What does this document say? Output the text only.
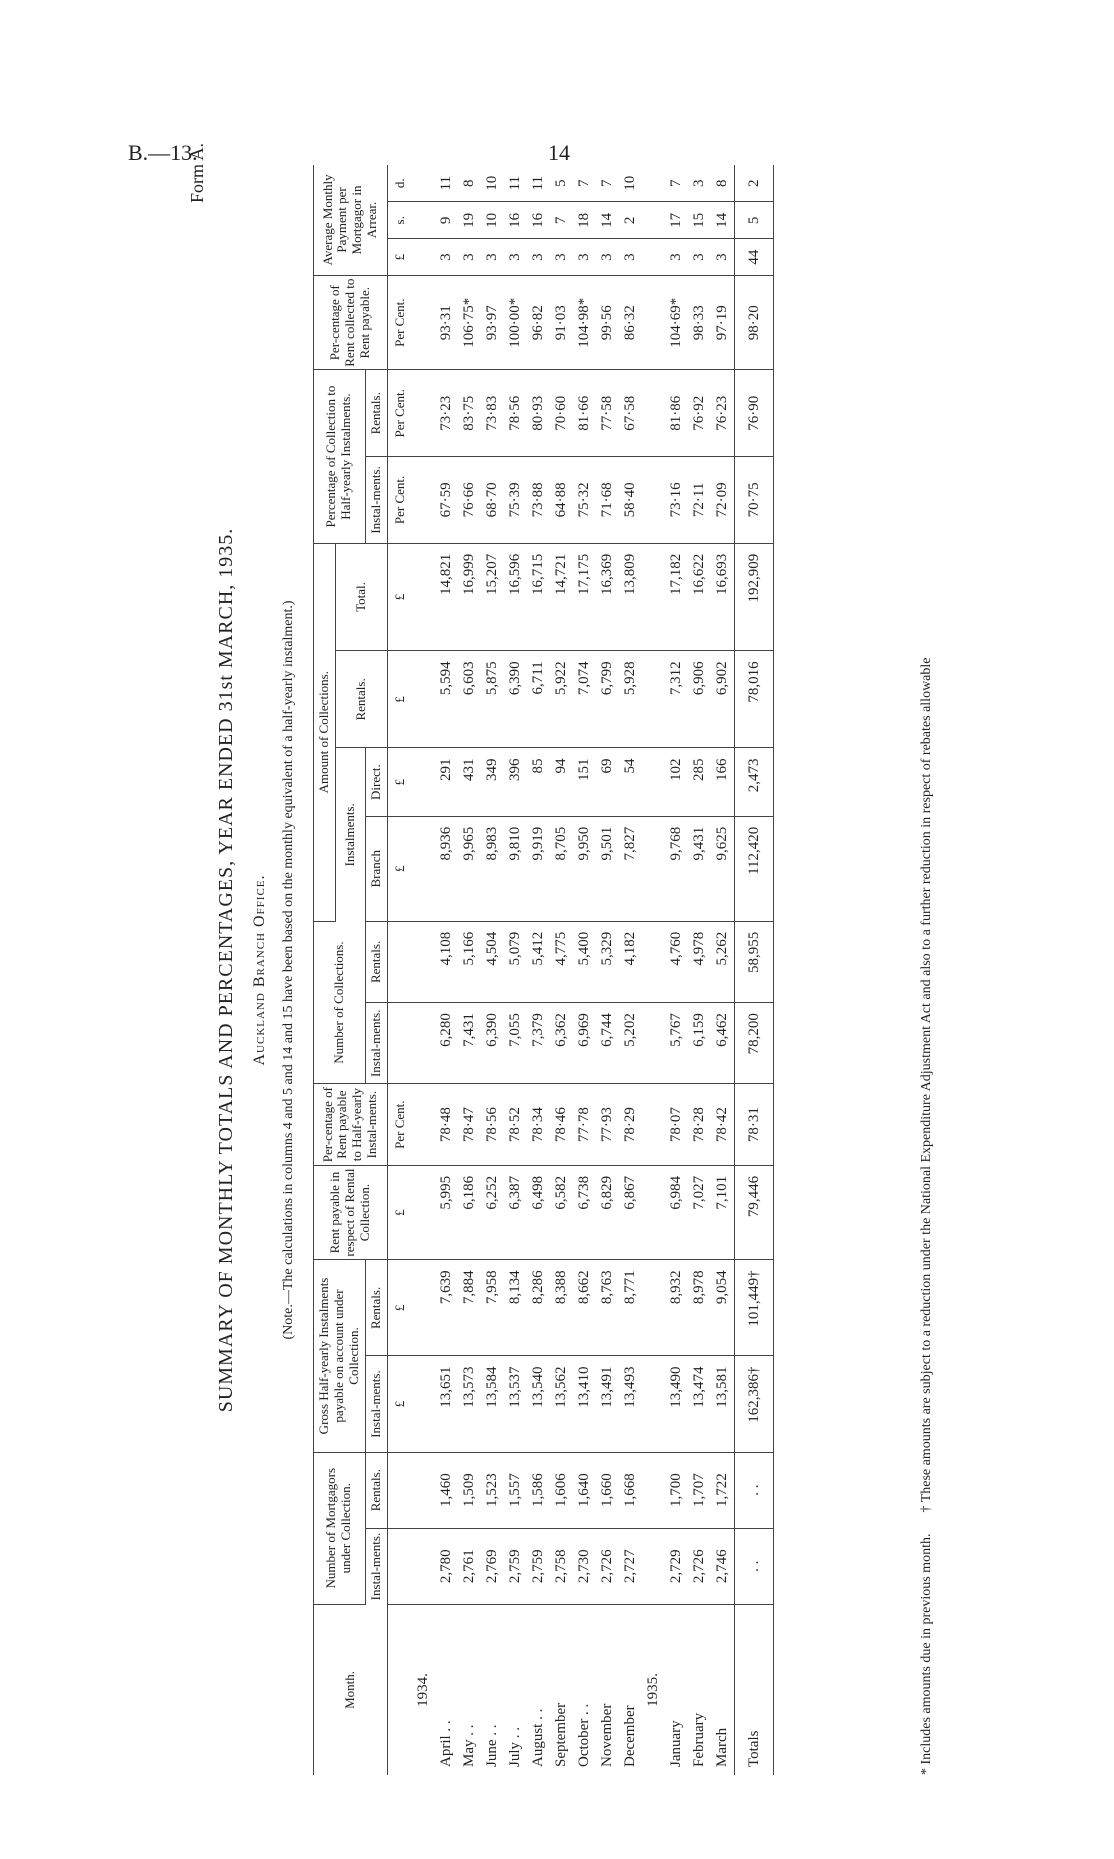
B.—13.	14
Form A.
SUMMARY OF MONTHLY TOTALS AND PERCENTAGES, YEAR ENDED 31st MARCH, 1935. Auckland Branch Office. (Note.—The calculations in columns 4 and 5 and 14 and 15 have been based on the monthly equivalent of a half-yearly instalment.)
Month.	Number of Mortgagors under Collection.		Gross Half-yearly Instalments payable on account under Collection.		Rent payable in respect of Rental Collection.	Per-centage of Rent payable to Half-yearly Instal-ments.	Number of Collections.		Amount of Collections.				Percentage of Collection to Half-yearly Instalments.		Per-centage of Rent collected to Rent payable.	Average Monthly Payment per Mortgagor in Arrear.		
									Instalments.		Rentals.	Total.						
	Instal-ments.	Rentals.	Instal-ments.	Rentals.			Instal-ments.	Rentals.	Branch	Direct.			Instal-ments.	Rentals.				
			£	£	£	Per Cent.			£	£	£	£	Per Cent.	Per Cent.	Per Cent.	£	s.	d.
1934.																		
April . .	2,780	1,460	13,651	7,639	5,995	78·48	6,280	4,108	8,936	291	5,594	14,821	67·59	73·23	93·31	3	9	11
May . .	2,761	1,509	13,573	7,884	6,186	78·47	7,431	5,166	9,965	431	6,603	16,999	76·66	83·75	106·75*	3	19	8
June . .	2,769	1,523	13,584	7,958	6,252	78·56	6,390	4,504	8,983	349	5,875	15,207	68·70	73·83	93·97	3	10	10
July . .	2,759	1,557	13,537	8,134	6,387	78·52	7,055	5,079	9,810	396	6,390	16,596	75·39	78·56	100·00*	3	16	11
August . .	2,759	1,586	13,540	8,286	6,498	78·34	7,379	5,412	9,919	85	6,711	16,715	73·88	80·93	96·82	3	16	11
September	2,758	1,606	13,562	8,388	6,582	78·46	6,362	4,775	8,705	94	5,922	14,721	64·88	70·60	91·03	3	7	5
October . .	2,730	1,640	13,410	8,662	6,738	77·78	6,969	5,400	9,950	151	7,074	17,175	75·32	81·66	104·98*	3	18	7
November	2,726	1,660	13,491	8,763	6,829	77·93	6,744	5,329	9,501	69	6,799	16,369	71·68	77·58	99·56	3	14	7
December	2,727	1,668	13,493	8,771	6,867	78·29	5,202	4,182	7,827	54	5,928	13,809	58·40	67·58	86·32	3	2	10
1935.																		
January	2,729	1,700	13,490	8,932	6,984	78·07	5,767	4,760	9,768	102	7,312	17,182	73·16	81·86	104·69*	3	17	7
February	2,726	1,707	13,474	8,978	7,027	78·28	6,159	4,978	9,431	285	6,906	16,622	72·11	76·92	98·33	3	15	3
March	2,746	1,722	13,581	9,054	7,101	78·42	6,462	5,262	9,625	166	6,902	16,693	72·09	76·23	97·19	3	14	8
Totals	. .	. .	162,386†	101,449†	79,446	78·31	78,200	58,955	112,420	2,473	78,016	192,909	70·75	76·90	98·20	44	5	2
* Includes amounts due in previous month.      † These amounts are subject to a reduction under the National Expenditure Adjustment Act and also to a further reduction in respect of rebates allowable
